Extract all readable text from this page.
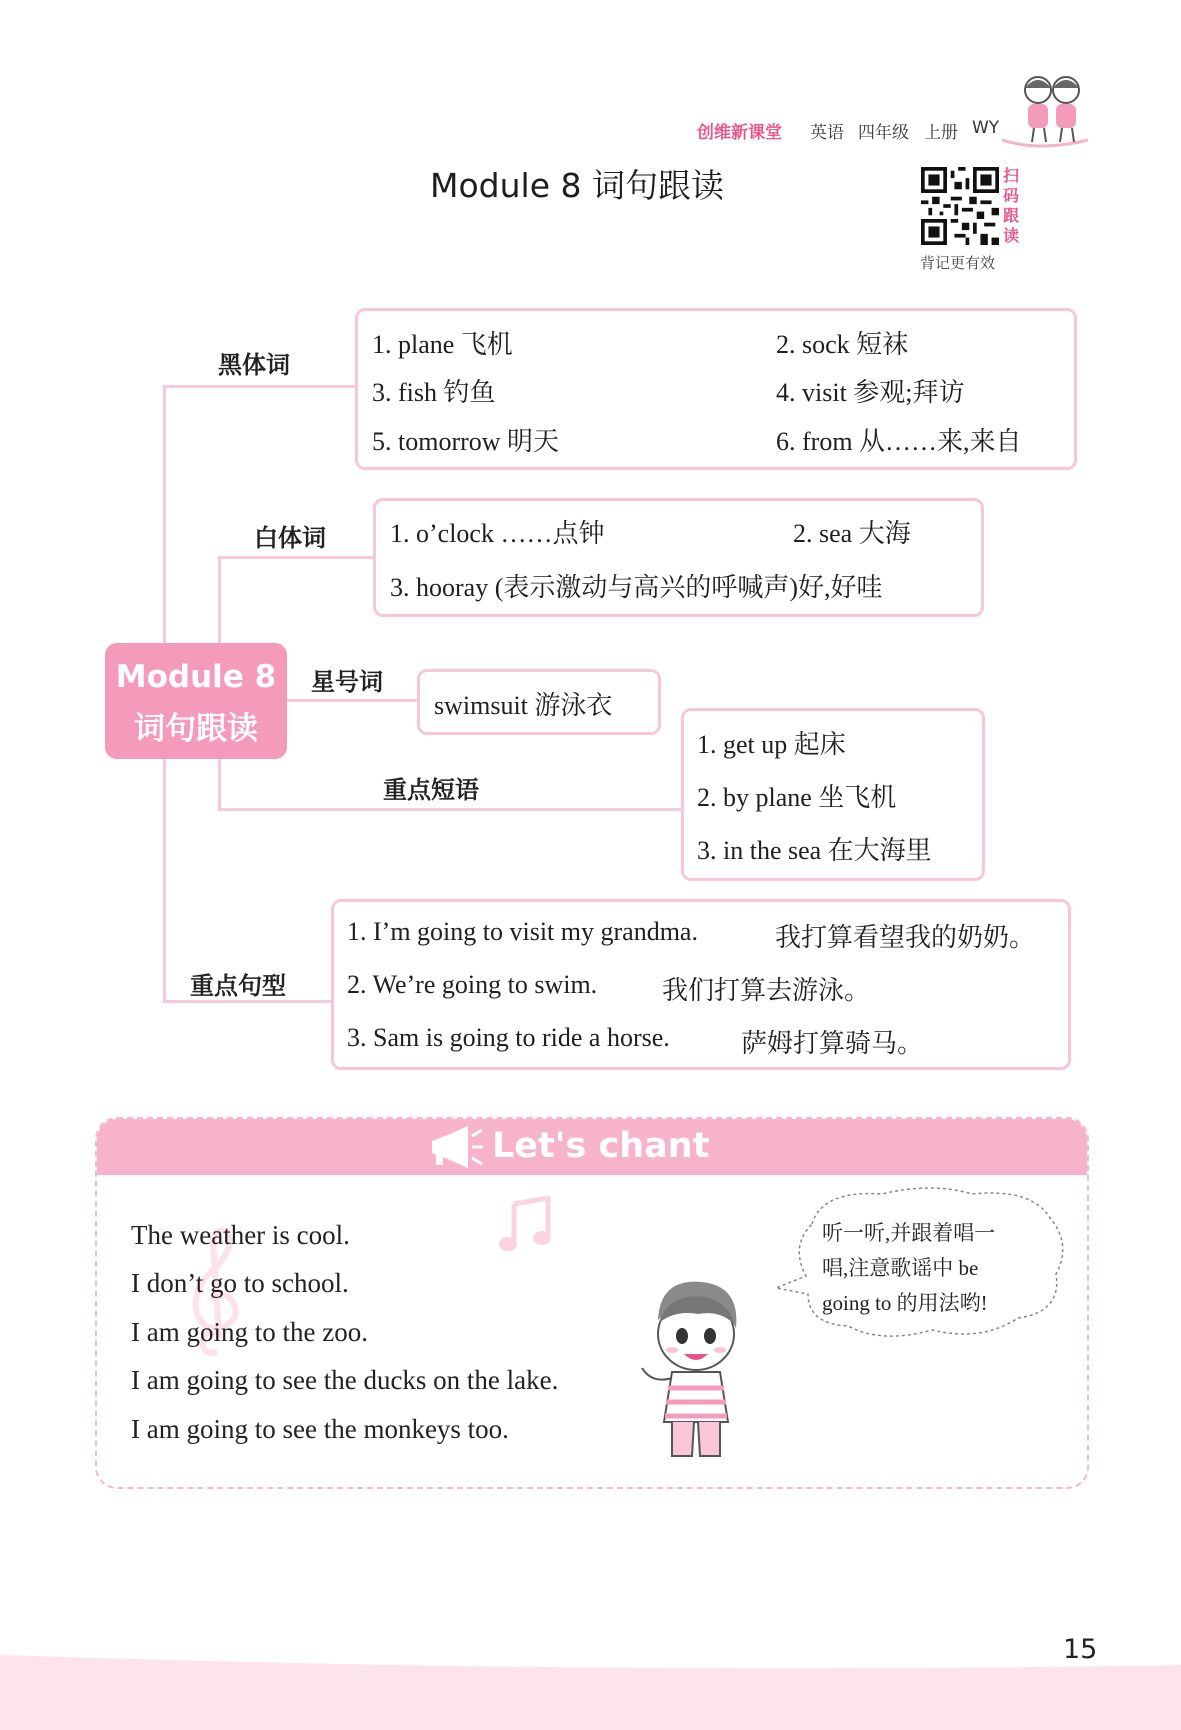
创维新课堂 英语 四年级 上册 WY
Module 8 词句跟读	扫
码
跟
读
背记更有效
黑体词
1. plane 飞机	2. sock 短袜
3. fish 钓鱼	4. visit 参观;拜访
5. tomorrow 明天	6. from 从……来,来自
白体词 1. o’clock ……点钟	2. sea 大海
3. hooray (表示激动与高兴的呼喊声)好,好哇
Module 8
词句跟读
星号词
swimsuit 游泳衣
重点短语
1. get up 起床
2. by plane 坐飞机
3. in the sea 在大海里
重点句型
1. I’m going to visit my grandma.	我打算看望我的奶奶。
2. We’re going to swim. 我们打算去游泳。
3. Sam is going to ride a horse.	萨姆打算骑马。
Let's chant
The weather is cool.
I don’t go to school.
I am going to the zoo.
I am going to see the ducks on the lake.
I am going to see the monkeys too.
听一听,并跟着唱一
唱,注意歌谣中 be
going to 的用法哟!
15
